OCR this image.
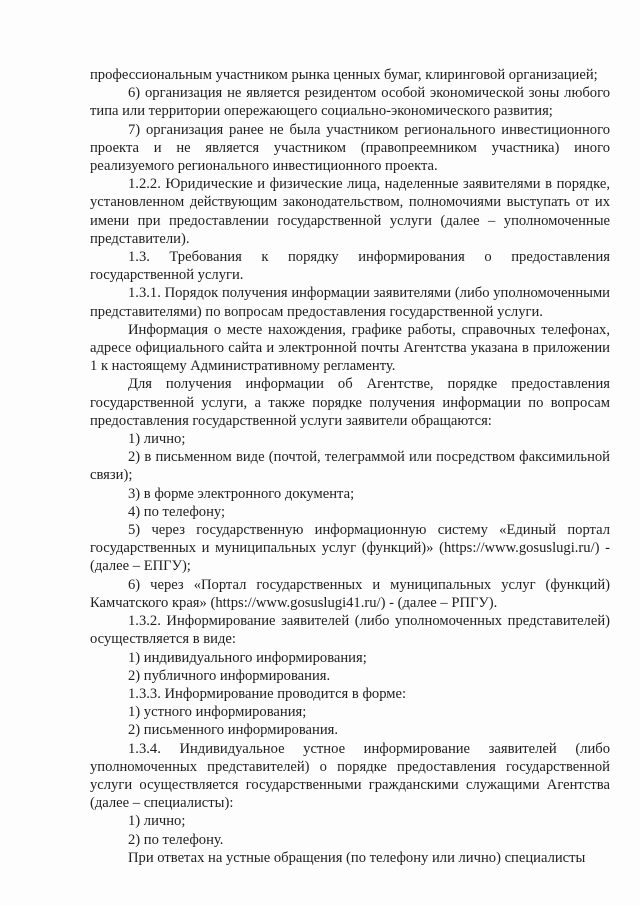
профессиональным участником рынка ценных бумаг, клиринговой организацией;

6) организация не является резидентом особой экономической зоны любого типа или территории опережающего социально-экономического развития;

7) организация ранее не была участником регионального инвестиционного проекта и не является участником (правопреемником участника) иного реализуемого регионального инвестиционного проекта.

1.2.2. Юридические и физические лица, наделенные заявителями в порядке, установленном действующим законодательством, полномочиями выступать от их имени при предоставлении государственной услуги (далее – уполномоченные представители).

1.3. Требования к порядку информирования о предоставления государственной услуги.

1.3.1. Порядок получения информации заявителями (либо уполномоченными представителями) по вопросам предоставления государственной услуги.

Информация о месте нахождения, графике работы, справочных телефонах, адресе официального сайта и электронной почты Агентства указана в приложении 1 к настоящему Административному регламенту.

Для получения информации об Агентстве, порядке предоставления государственной услуги, а также порядке получения информации по вопросам предоставления государственной услуги заявители обращаются:

1) лично;

2) в письменном виде (почтой, телеграммой или посредством факсимильной связи);

3) в форме электронного документа;

4) по телефону;

5) через государственную информационную систему «Единый портал государственных и муниципальных услуг (функций)» (https://www.gosuslugi.ru/) - (далее – ЕПГУ);

6) через «Портал государственных и муниципальных услуг (функций) Камчатского края» (https://www.gosuslugi41.ru/) - (далее – РПГУ).

1.3.2. Информирование заявителей (либо уполномоченных представителей) осуществляется в виде:

1) индивидуального информирования;

2) публичного информирования.

1.3.3. Информирование проводится в форме:

1) устного информирования;

2) письменного информирования.

1.3.4. Индивидуальное устное информирование заявителей (либо уполномоченных представителей) о порядке предоставления государственной услуги осуществляется государственными гражданскими служащими Агентства (далее – специалисты):

1) лично;

2) по телефону.

При ответах на устные обращения (по телефону или лично) специалисты
